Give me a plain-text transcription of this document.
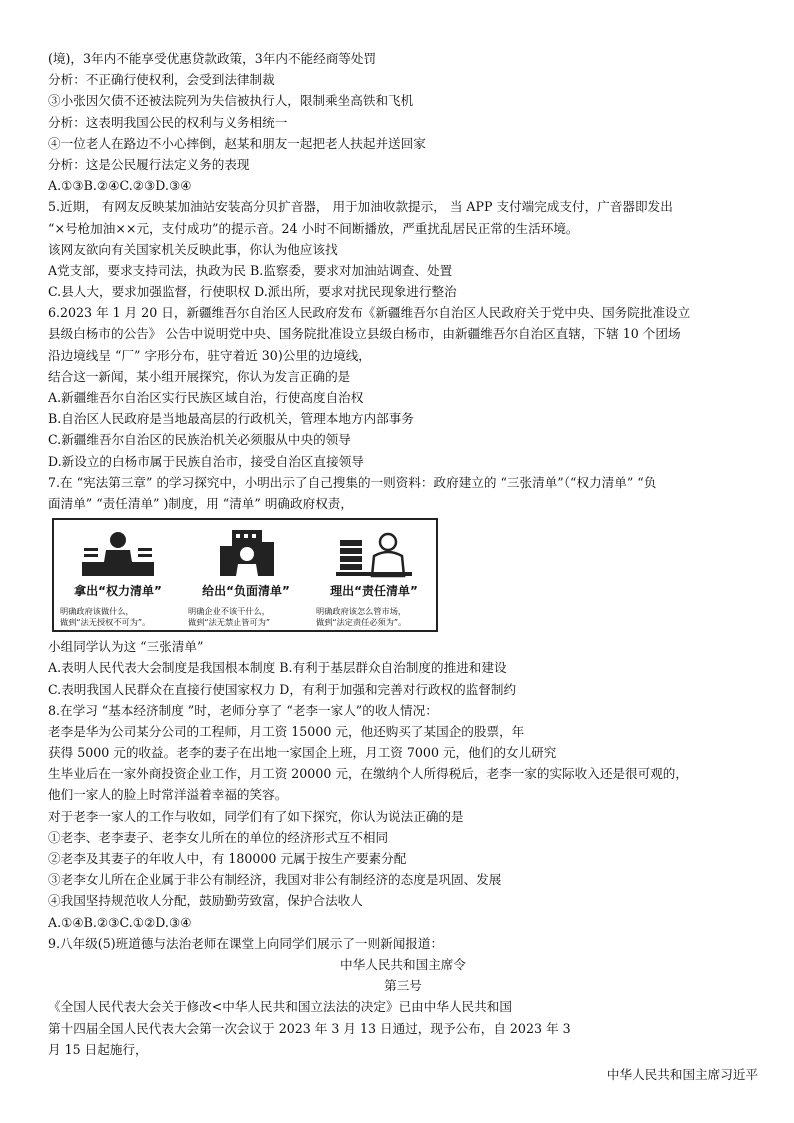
(境)，3年内不能享受优惠贷款政策，3年内不能经商等处罚
分析：不正确行使权利，会受到法律制裁
③小张因欠债不还被法院列为失信被执行人，限制乘坐高铁和飞机
分析：这表明我国公民的权利与义务相统一
④一位老人在路边不小心摔倒，赵某和朋友一起把老人扶起并送回家
分析：这是公民履行法定义务的表现
A.①③B.②④C.②③D.③④
5.近期， 有网友反映某加油站安装高分贝扩音器， 用于加油收款提示， 当 APP 支付端完成支付，广音器即发出
“×号枪加油××元，支付成功”的提示音。24 小时不间断播放，严重扰乱居民正常的生活环境。
该网友欲向有关国家机关反映此事，你认为他应该找
A党支部，要求支持司法，执政为民 B.监察委，要求对加油站调查、处置
C.县人大，要求加强监督，行使职权 D.派出所，要求对扰民现象进行整治
6.2023 年 1 月 20 日，新疆维吾尔自治区人民政府发布《新疆维吾尔自治区人民政府关于党中央、国务院批准设立
县级白杨市的公告》 公告中说明党中央、国务院批准设立县级白杨市，由新疆维吾尔自治区直辖，下辖 10 个团场
沿边境线呈 “厂” 字形分布，驻守着近 30)公里的边境线，
结合这一新闻，某小组开展探究，你认为发言正确的是
A.新疆维吾尔自治区实行民族区域自治，行使高度自治权
B.自治区人民政府是当地最高层的行政机关，管理本地方内部事务
C.新疆维吾尔自治区的民族治机关必须服从中央的领导
D.新设立的白杨市属于民族自治市，接受自治区直接领导
7.在 “宪法第三章” 的学习探究中，小明出示了自己搜集的一则资料：政府建立的 “三张清单”（“权力清单” “负
面清单” “责任清单” )制度，用 “清单” 明确政府权责，
拿出“权力清单”
明确政府该做什么，
做到“法无授权不可为”。
给出“负面清单”
明确企业不该干什么，
做到“法无禁止皆可为”
理出“责任清单”
明确政府该怎么管市场，
做到“法定责任必须为”。
小组同学认为这 “三张清单”
A.表明人民代表大会制度是我国根本制度 B.有利于基层群众自治制度的推进和建设
C.表明我国人民群众在直接行使国家权力 D，有利于加强和完善对行政权的监督制约
8.在学习 “基本经济制度 ”时，老师分享了 “老李一家人”的收人情况：
老李是华为公司某分公司的工程师，月工资 15000 元，他还购买了某国企的股票，年
获得 5000 元的收益。老李的妻子在出地一家国企上班，月工资 7000 元，他们的女儿研究
生毕业后在一家外商投资企业工作，月工资 20000 元，在缴纳个人所得税后，老李一家的实际收入还是很可观的，
他们一家人的脸上时常洋溢着幸福的笑容。
对于老李一家人的工作与收如，同学们有了如下探究，你认为说法正确的是
①老李、老李妻子、老李女儿所在的单位的经济形式互不相同
②老李及其妻子的年收人中，有 180000 元属于按生产要素分配
③老李女儿所在企业属于非公有制经济，我国对非公有制经济的态度是巩固、发展
④我国坚持规范收人分配，鼓励勤劳致富，保护合法收人
A.①④B.②③C.①②D.③④
9.八年级(5)班道德与法治老师在课堂上向同学们展示了一则新闻报道：
中华人民共和国主席令
第三号
《全国人民代表大会关于修改<中华人民共和国立法法的决定》已由中华人民共和国
第十四届全国人民代表大会第一次会议于 2023 年 3 月 13 日通过，现予公布，自 2023 年 3
月 15 日起施行，
中华人民共和国主席习近平
